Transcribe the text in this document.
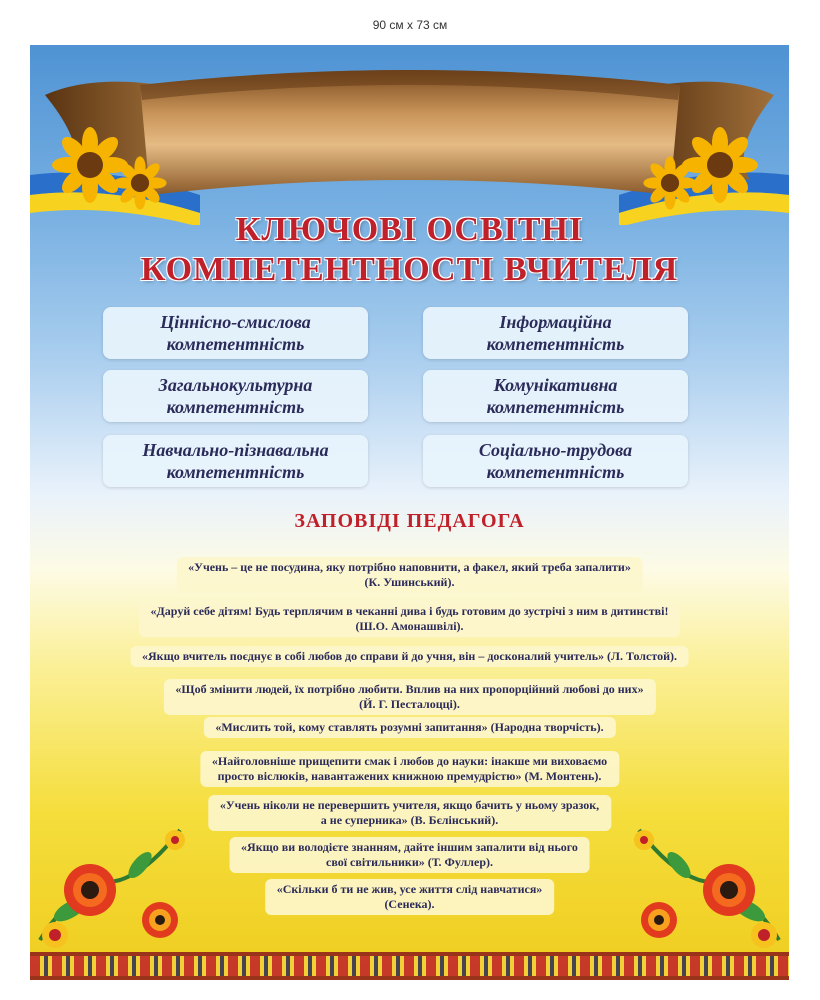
90 см x 73 см
КЛЮЧОВІ ОСВІТНІ
КОМПЕТЕНТНОСТІ ВЧИТЕЛЯ
Ціннісно-смислова
компетентність
Інформаційна
компетентність
Загальнокультурна
компетентність
Комунікативна
компетентність
Навчально-пізнавальна
компетентність
Соціально-трудова
компетентність
ЗАПОВІДІ ПЕДАГОГА
«Учень – це не посудина, яку потрібно наповнити, а факел, який треба запалити»
(К. Ушинський).
«Даруй себе дітям! Будь терплячим в чеканні дива і будь готовим до зустрічі з ним в дитинстві!
(Ш.О. Амонашвілі).
«Якщо вчитель поєднує в собі любов до справи й до учня, він – досконалий учитель» (Л. Толстой).
«Щоб змінити людей, їх потрібно любити. Вплив на них пропорційний любові до них»
(Й. Г. Песталоцці).
«Мислить той, кому ставлять розумні запитання» (Народна творчість).
«Найголовніше прищепити смак і любов до науки: інакше ми виховаємо
просто віслюків, навантажених книжною премудрістю» (М. Монтень).
«Учень ніколи не перевершить учителя, якщо бачить у ньому зразок,
а не суперника» (В. Бєлінський).
«Якщо ви володієте знанням, дайте іншим запалити від нього
свої світильники» (Т. Фуллер).
«Скільки б ти не жив, усе життя слід навчатися»
(Сенека).
